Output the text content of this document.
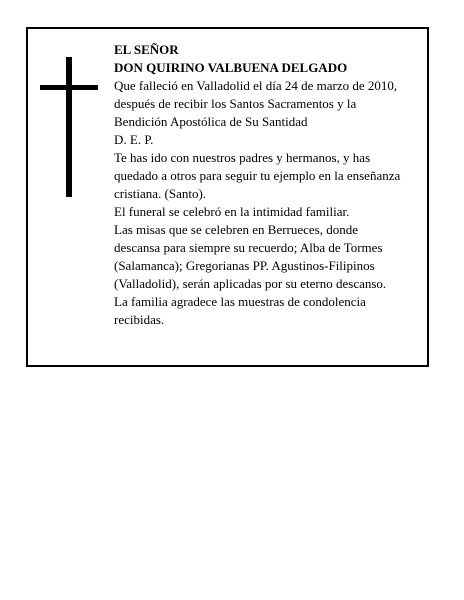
EL SEÑOR
DON QUIRINO VALBUENA DELGADO
Que falleció en Valladolid el día 24 de marzo de 2010,
después de recibir los Santos Sacramentos y la
Bendición Apostólica de Su Santidad
D. E. P.
Te has ido con nuestros padres y hermanos, y has
quedado a otros para seguir tu ejemplo en la enseñanza
cristiana. (Santo).
El funeral se celebró en la intimidad familiar.
Las misas que se celebren en Berrueces, donde
descansa para siempre su recuerdo; Alba de Tormes
(Salamanca); Gregorianas PP. Agustinos-Filipinos
(Valladolid), serán aplicadas por su eterno descanso.
La familia agradece las muestras de condolencia
recibidas.
